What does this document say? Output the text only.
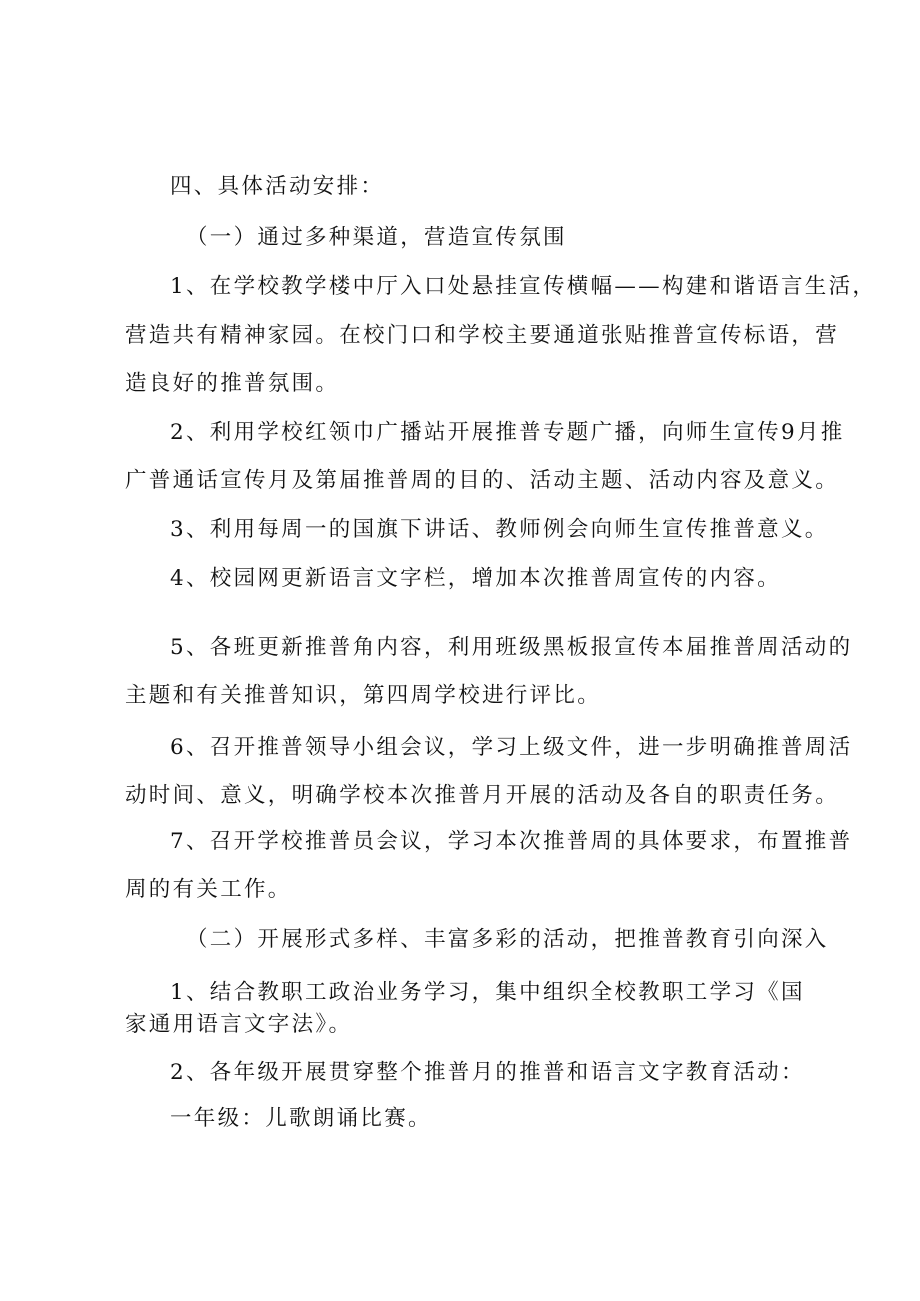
四、具体活动安排：
（一）通过多种渠道，营造宣传氛围
1、在学校教学楼中厅入口处悬挂宣传横幅——构建和谐语言生活，
营造共有精神家园。在校门口和学校主要通道张贴推普宣传标语，营
造良好的推普氛围。
2、利用学校红领巾广播站开展推普专题广播，向师生宣传9月推
广普通话宣传月及第届推普周的目的、活动主题、活动内容及意义。
3、利用每周一的国旗下讲话、教师例会向师生宣传推普意义。
4、校园网更新语言文字栏，增加本次推普周宣传的内容。
5、各班更新推普角内容，利用班级黑板报宣传本届推普周活动的
主题和有关推普知识，第四周学校进行评比。
6、召开推普领导小组会议，学习上级文件，进一步明确推普周活
动时间、意义，明确学校本次推普月开展的活动及各自的职责任务。
7、召开学校推普员会议，学习本次推普周的具体要求，布置推普
周的有关工作。
（二）开展形式多样、丰富多彩的活动，把推普教育引向深入
1、结合教职工政治业务学习，集中组织全校教职工学习《国
家通用语言文字法》。
2、各年级开展贯穿整个推普月的推普和语言文字教育活动：
一年级：儿歌朗诵比赛。
